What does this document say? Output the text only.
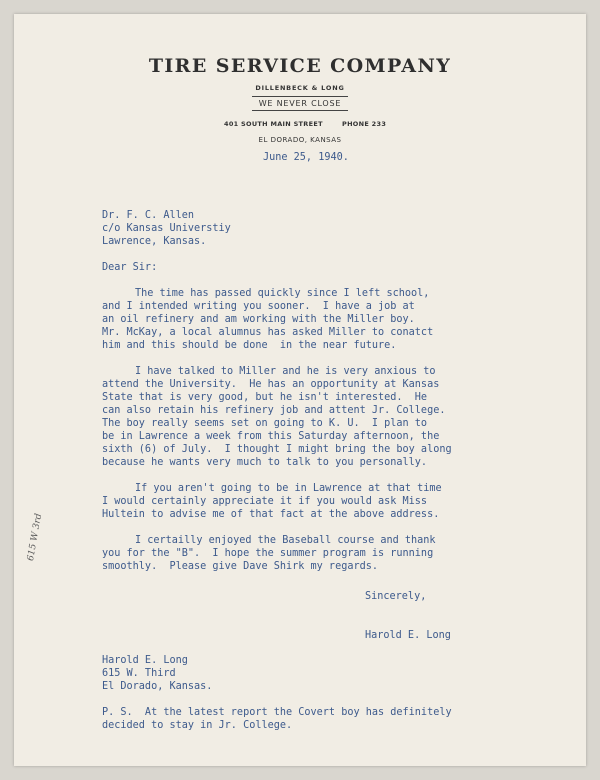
TIRE SERVICE COMPANY
DILLENBECK & LONG
WE NEVER CLOSE
401 SOUTH MAIN STREET	PHONE 233
EL DORADO, KANSAS
June 25, 1940.
Dr. F. C. Allen
c/o Kansas Universtiy
Lawrence, Kansas.
Dear Sir:
The time has passed quickly since I left school,
and I intended writing you sooner.  I have a job at
an oil refinery and am working with the Miller boy.
Mr. McKay, a local alumnus has asked Miller to conatct
him and this should be done  in the near future.
I have talked to Miller and he is very anxious to
attend the University.  He has an opportunity at Kansas
State that is very good, but he isn't interested.  He
can also retain his refinery job and attent Jr. College.
The boy really seems set on going to K. U.  I plan to
be in Lawrence a week from this Saturday afternoon, the
sixth (6) of July.  I thought I might bring the boy along
because he wants very much to talk to you personally.
If you aren't going to be in Lawrence at that time
I would certainly appreciate it if you would ask Miss
Hultein to advise me of that fact at the above address.
I certailly enjoyed the Baseball course and thank
you for the "B".  I hope the summer program is running
smoothly.  Please give Dave Shirk my regards.
Sincerely,
Harold E. Long
Harold E. Long
615 W. Third
El Dorado, Kansas.
P. S.  At the latest report the Covert boy has definitely
decided to stay in Jr. College.
615 W 3rd
